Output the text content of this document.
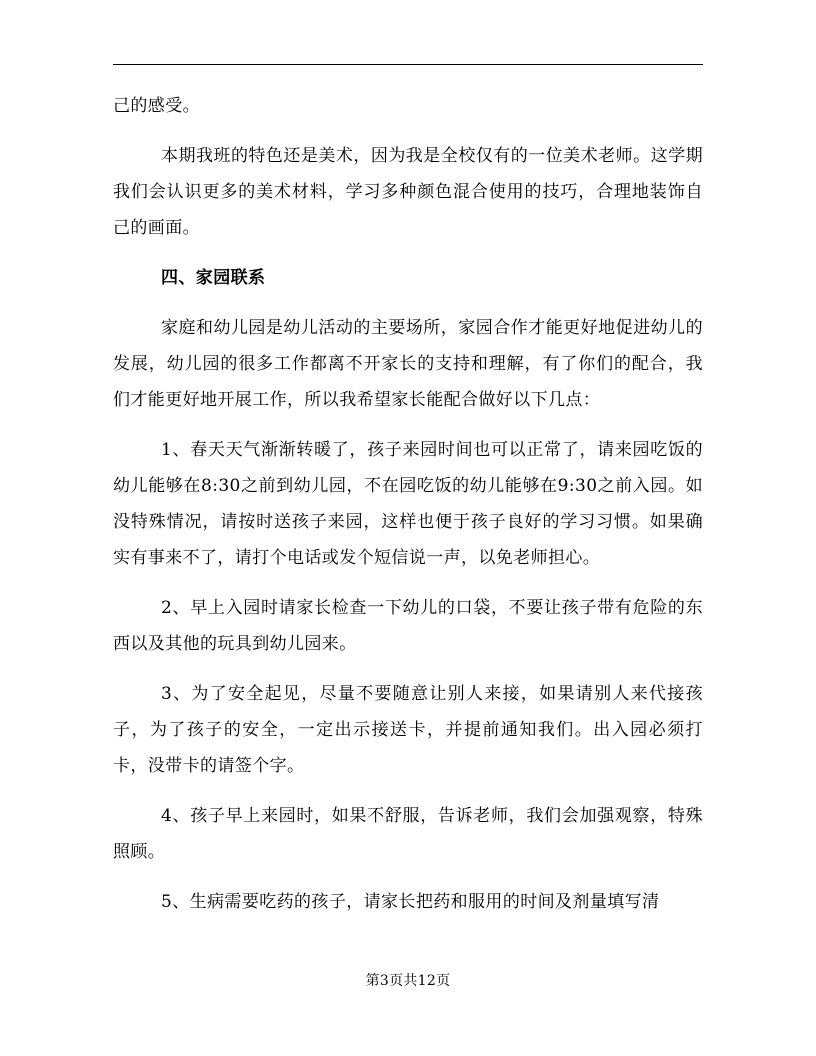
己的感受。

本期我班的特色还是美术，因为我是全校仅有的一位美术老师。这学期我们会认识更多的美术材料，学习多种颜色混合使用的技巧，合理地装饰自己的画面。

四、家园联系

家庭和幼儿园是幼儿活动的主要场所，家园合作才能更好地促进幼儿的发展，幼儿园的很多工作都离不开家长的支持和理解，有了你们的配合，我们才能更好地开展工作，所以我希望家长能配合做好以下几点：

1、春天天气渐渐转暖了，孩子来园时间也可以正常了，请来园吃饭的幼儿能够在8:30之前到幼儿园，不在园吃饭的幼儿能够在9:30之前入园。如没特殊情况，请按时送孩子来园，这样也便于孩子良好的学习习惯。如果确实有事来不了，请打个电话或发个短信说一声，以免老师担心。

2、早上入园时请家长检查一下幼儿的口袋，不要让孩子带有危险的东西以及其他的玩具到幼儿园来。

3、为了安全起见，尽量不要随意让别人来接，如果请别人来代接孩子，为了孩子的安全，一定出示接送卡，并提前通知我们。出入园必须打卡，没带卡的请签个字。

4、孩子早上来园时，如果不舒服，告诉老师，我们会加强观察，特殊照顾。

5、生病需要吃药的孩子，请家长把药和服用的时间及剂量填写清

第3页共12页
